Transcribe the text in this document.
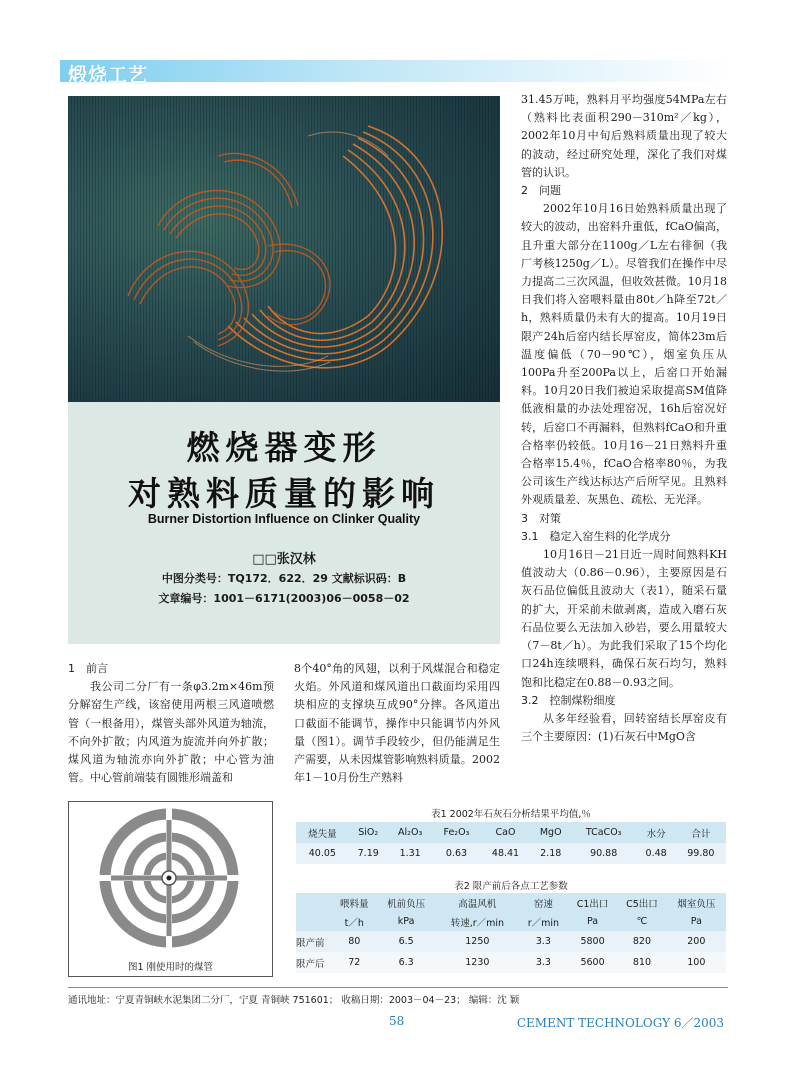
煅烧工艺
燃烧器变形
对熟料质量的影响
Burner Distortion Influence on Clinker Quality
□□张汉林
中图分类号：TQ172．622．29 文献标识码：B
文章编号：1001－6171(2003)06－0058－02

31.45万吨，熟料月平均强度54MPa左右（熟料比表面积290－310m²／kg），2002年10月中旬后熟料质量出现了较大的波动，经过研究处理，深化了我们对煤管的认识。

2　问题

2002年10月16日始熟料质量出现了较大的波动，出窑料升重低，fCaO偏高，且升重大部分在1100g／L左右徘徊（我厂考核1250g／L）。尽管我们在操作中尽力提高二三次风温，但收效甚微。10月18日我们将入窑喂料量由80t／h降至72t／h，熟料质量仍未有大的提高。10月19日限产24h后窑内结长厚窑皮，简体23m后温度偏低（70－90℃），烟室负压从100Pa升至200Pa以上，后窑口开始漏料。10月20日我们被迫采取提高SM值降低液相量的办法处理窑况，16h后窑况好转，后窑口不再漏料，但熟料fCaO和升重合格率仍较低。10月16－21日熟料升重合格率15.4％，fCaO合格率80％，为我公司该生产线达标达产后所罕见。且熟料外观质量差、灰黑色、疏松、无光泽。

3　对策

3.1　稳定入窑生料的化学成分

10月16日－21日近一周时间熟料KH值波动大（0.86－0.96），主要原因是石灰石品位偏低且波动大（表1），随采石量的扩大，开采前未做剥离，造成入磨石灰石品位要么无法加入砂岩，要么用量较大（7－8t／h）。为此我们采取了15个均化口24h连续喂料，确保石灰石均匀，熟料饱和比稳定在0.88－0.93之间。

3.2　控制煤粉细度

从多年经验看，回转窑结长厚窑皮有三个主要原因：(1)石灰石中MgO含

1　前言

我公司二分厂有一条φ3.2m×46m预分解窑生产线，该窑使用两根三风道喷燃管（一根备用），煤管头部外风道为轴流，不向外扩散；内风道为旋流并向外扩散；煤风道为轴流亦向外扩散；中心管为油管。中心管前端装有圆锥形端盖和

8个40°角的风翅，以利于风煤混合和稳定火焰。外风道和煤风道出口截面均采用四块相应的支撑块互成90°分摔。各风道出口截面不能调节，操作中只能调节内外风量（图1）。调节手段较少，但仍能满足生产需要，从未因煤管影响熟料质量。2002年1－10月份生产熟料

图1 刚使用时的煤管
表1 2002年石灰石分析结果平均值,％
烧失量	SiO₂	Al₂O₃	Fe₂O₃	CaO	MgO	TCaCO₃	水分	合计
40.05	7.19	1.31	0.63	48.41	2.18	90.88	0.48	99.80
表2 限产前后各点工艺参数
	喂料量	机前负压	高温风机	窑速	C1出口	C5出口	烟室负压
	t／h	kPa	转速,r／min	r／min	Pa	℃	Pa
限产前	80	6.5	1250	3.3	5800	820	200
限产后	72	6.3	1230	3.3	5600	810	100
通讯地址：宁夏青铜峡水泥集团二分厂，宁夏 青铜峡 751601； 收稿日期：2003－04－23； 编辑：沈 颖
58	CEMENT TECHNOLOGY 6／2003
